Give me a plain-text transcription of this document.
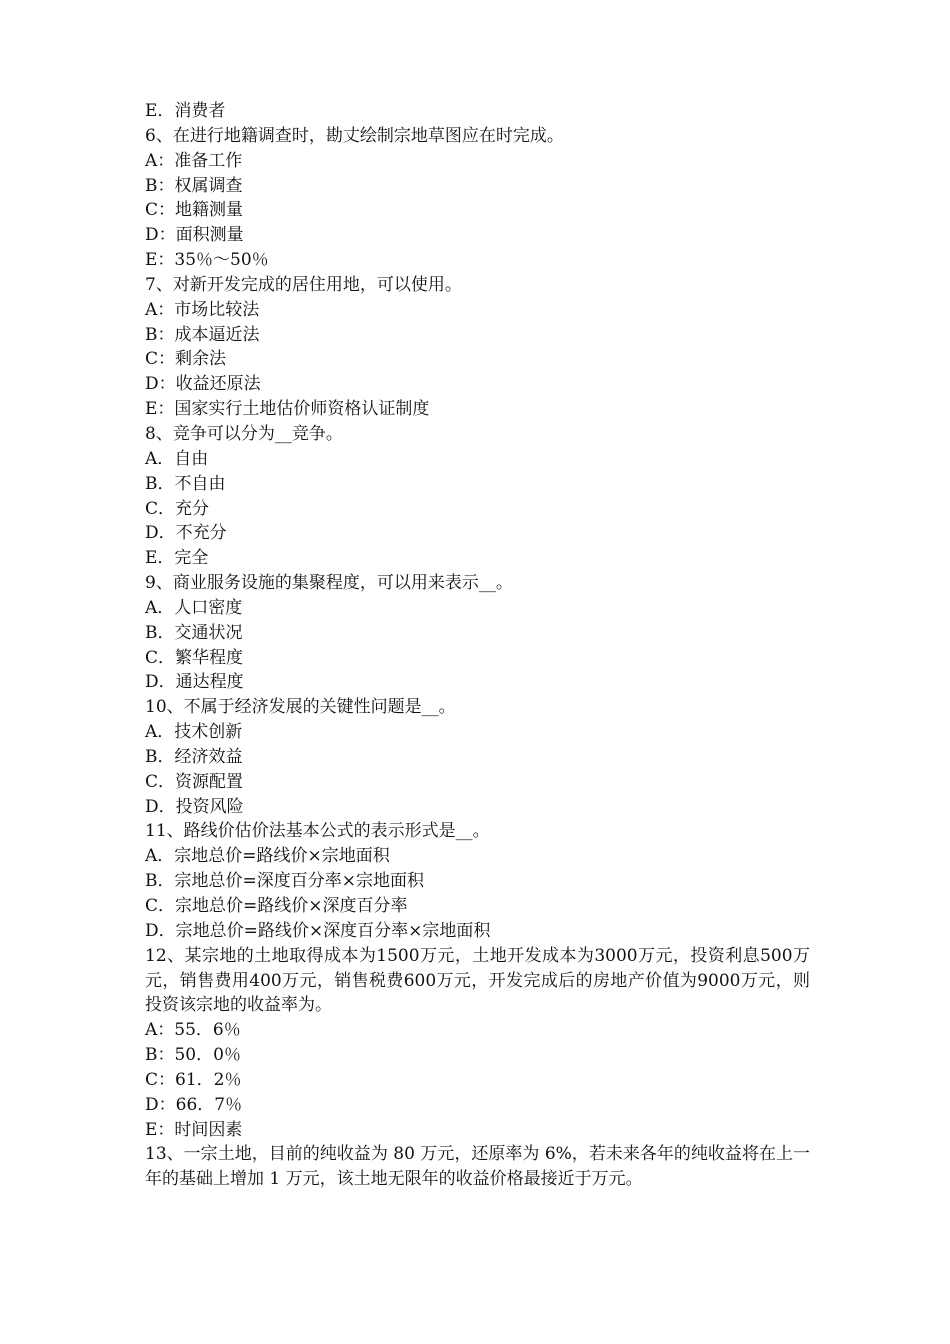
E．消费者
6、在进行地籍调查时，勘丈绘制宗地草图应在时完成。
A：准备工作
B：权属调查
C：地籍测量
D：面积测量
E：35％～50％
7、对新开发完成的居住用地，可以使用。
A：市场比较法
B：成本逼近法
C：剩余法
D：收益还原法
E：国家实行土地估价师资格认证制度
8、竞争可以分为__竞争。
A．自由
B．不自由
C．充分
D．不充分
E．完全
9、商业服务设施的集聚程度，可以用来表示__。
A．人口密度
B．交通状况
C．繁华程度
D．通达程度
10、不属于经济发展的关键性问题是__。
A．技术创新
B．经济效益
C．资源配置
D．投资风险
11、路线价估价法基本公式的表示形式是__。
A．宗地总价=路线价×宗地面积
B．宗地总价=深度百分率×宗地面积
C．宗地总价=路线价×深度百分率
D．宗地总价=路线价×深度百分率×宗地面积
12、某宗地的土地取得成本为1500万元，土地开发成本为3000万元，投资利息500万元，销售费用400万元，销售税费600万元，开发完成后的房地产价值为9000万元，则投资该宗地的收益率为。
A：55．6％
B：50．0％
C：61．2％
D：66．7％
E：时间因素
13、一宗土地，目前的纯收益为 80 万元，还原率为 6%，若未来各年的纯收益将在上一年的基础上增加 1 万元，该土地无限年的收益价格最接近于万元。
